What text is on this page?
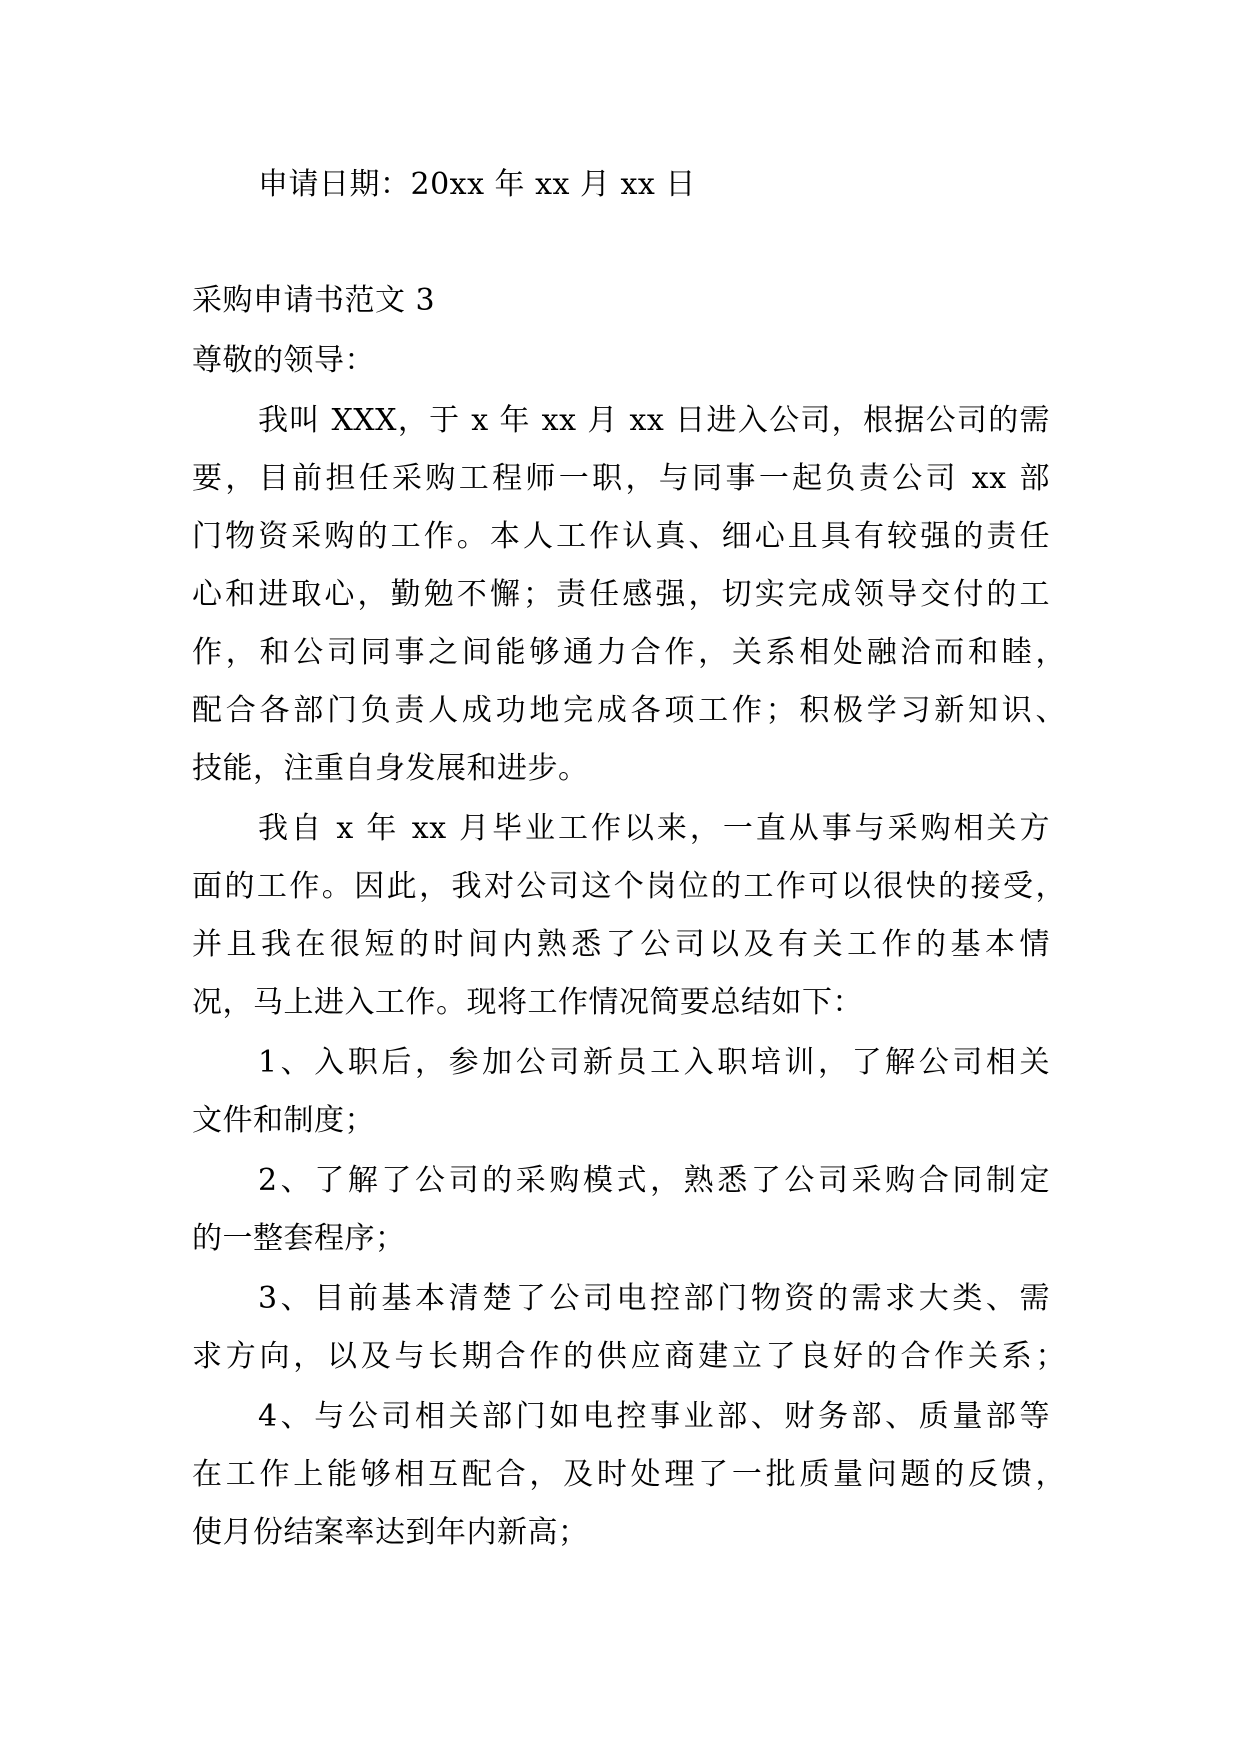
申请日期：20xx 年 xx 月 xx 日

采购申请书范文 3

尊敬的领导：

我叫 XXX，于 x 年 xx 月 xx 日进入公司，根据公司的需

要，目前担任采购工程师一职，与同事一起负责公司 xx 部

门物资采购的工作。本人工作认真、细心且具有较强的责任

心和进取心，勤勉不懈；责任感强，切实完成领导交付的工

作，和公司同事之间能够通力合作，关系相处融洽而和睦，

配合各部门负责人成功地完成各项工作；积极学习新知识、

技能，注重自身发展和进步。

我自 x 年 xx 月毕业工作以来，一直从事与采购相关方

面的工作。因此，我对公司这个岗位的工作可以很快的接受，

并且我在很短的时间内熟悉了公司以及有关工作的基本情

况，马上进入工作。现将工作情况简要总结如下：

1、入职后，参加公司新员工入职培训，了解公司相关

文件和制度；

2、了解了公司的采购模式，熟悉了公司采购合同制定

的一整套程序；

3、目前基本清楚了公司电控部门物资的需求大类、需

求方向，以及与长期合作的供应商建立了良好的合作关系；

4、与公司相关部门如电控事业部、财务部、质量部等

在工作上能够相互配合，及时处理了一批质量问题的反馈，

使月份结案率达到年内新高；
